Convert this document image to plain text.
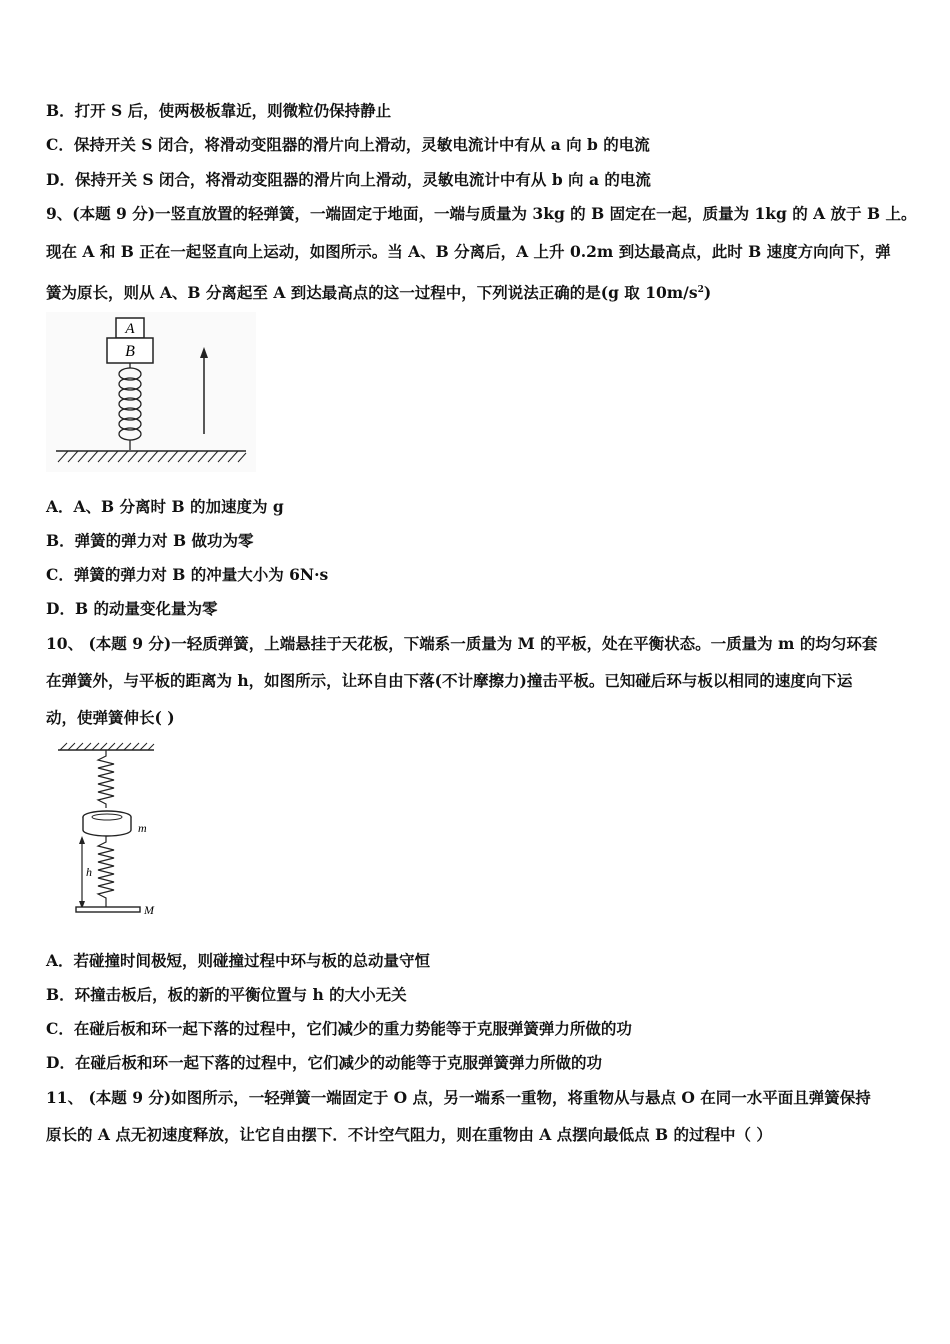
B．打开 S 后，使两极板靠近，则微粒仍保持静止
C．保持开关 S 闭合，将滑动变阻器的滑片向上滑动，灵敏电流计中有从 a 向 b 的电流
D．保持开关 S 闭合，将滑动变阻器的滑片向上滑动，灵敏电流计中有从 b 向 a 的电流
9、(本题 9 分)一竖直放置的轻弹簧，一端固定于地面，一端与质量为 3kg 的 B 固定在一起，质量为 1kg 的 A 放于 B 上。
现在 A 和 B 正在一起竖直向上运动，如图所示。当 A、B 分离后，A 上升 0.2m 到达最高点，此时 B 速度方向向下，弹
簧为原长，则从 A、B 分离起至 A 到达最高点的这一过程中，下列说法正确的是(g 取 $10m/s^2$)
A
B
A．A、B 分离时 B 的加速度为 g
B．弹簧的弹力对 B 做功为零
C．弹簧的弹力对 B 的冲量大小为 6N·s
D．B 的动量变化量为零
10、 (本题 9 分)一轻质弹簧，上端悬挂于天花板，下端系一质量为 M 的平板，处在平衡状态。一质量为 m 的均匀环套
在弹簧外，与平板的距离为 h，如图所示，让环自由下落(不计摩擦力)撞击平板。已知碰后环与板以相同的速度向下运
动，使弹簧伸长( )
m
h
M
A．若碰撞时间极短，则碰撞过程中环与板的总动量守恒
B．环撞击板后，板的新的平衡位置与 h 的大小无关
C．在碰后板和环一起下落的过程中，它们减少的重力势能等于克服弹簧弹力所做的功
D．在碰后板和环一起下落的过程中，它们减少的动能等于克服弹簧弹力所做的功
11、 (本题 9 分)如图所示，一轻弹簧一端固定于 O 点，另一端系一重物，将重物从与悬点 O 在同一水平面且弹簧保持
原长的 A 点无初速度释放，让它自由摆下．不计空气阻力，则在重物由 A 点摆向最低点 B 的过程中（ ）
